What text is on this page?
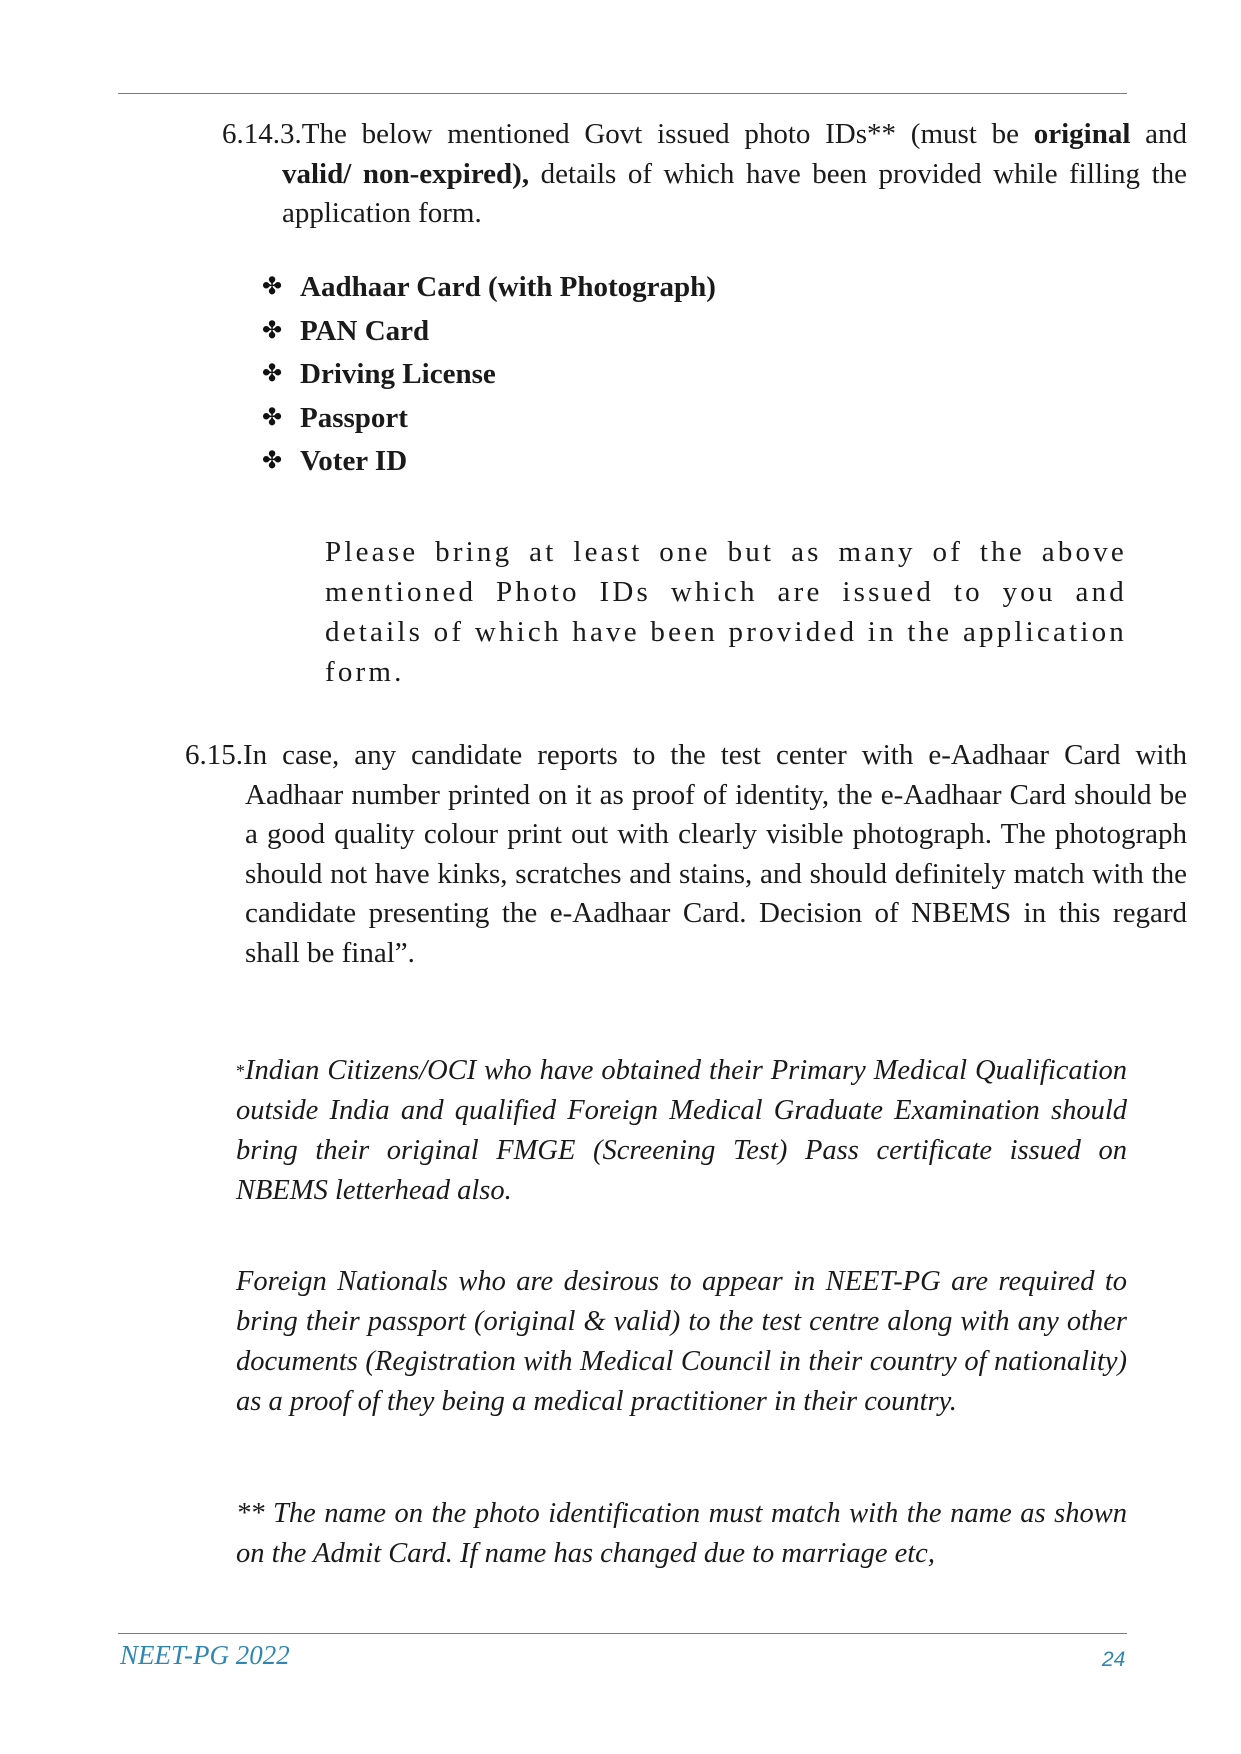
6.14.3.The below mentioned Govt issued photo IDs** (must be original and valid/ non-expired), details of which have been provided while filling the application form.
✤ Aadhaar Card (with Photograph)
✤ PAN Card
✤ Driving License
✤ Passport
✤ Voter ID
Please bring at least one but as many of the above mentioned Photo IDs which are issued to you and details of which have been provided in the application form.
6.15.In case, any candidate reports to the test center with e-Aadhaar Card with Aadhaar number printed on it as proof of identity, the e-Aadhaar Card should be a good quality colour print out with clearly visible photograph. The photograph should not have kinks, scratches and stains, and should definitely match with the candidate presenting the e-Aadhaar Card. Decision of NBEMS in this regard shall be final”.
*Indian Citizens/OCI who have obtained their Primary Medical Qualification outside India and qualified Foreign Medical Graduate Examination should bring their original FMGE (Screening Test) Pass certificate issued on NBEMS letterhead also.
Foreign Nationals who are desirous to appear in NEET-PG are required to bring their passport (original & valid) to the test centre along with any other documents (Registration with Medical Council in their country of nationality) as a proof of they being a medical practitioner in their country.
** The name on the photo identification must match with the name as shown on the Admit Card. If name has changed due to marriage etc,
NEET-PG 2022	24
